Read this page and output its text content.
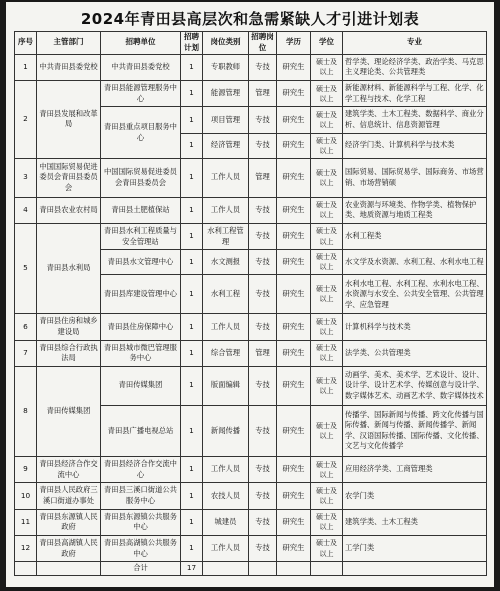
2024年青田县高层次和急需紧缺人才引进计划表
序号	主管部门	招聘单位	招聘计划	岗位类别	招聘岗位	学历	学位	专业
1	中共青田县委党校	中共青田县委党校	1	专职教师	专技	研究生	硕士及以上	哲学类、理论经济学类、政治学类、马克思主义理论类、公共管理类
2	青田县发展和改革局	青田县能源管理服务中心	1	能源管理	管理	研究生	硕士及以上	新能源材料、新能源科学与工程、化学、化学工程与技术、化学工程
		青田县重点项目服务中心	1	项目管理	专技	研究生	硕士及以上	建筑学类、土木工程类、数据科学、商业分析、信息统计、信息资源管理
			1	经济管理	专技	研究生	硕士及以上	经济学门类、计算机科学与技术类
3	中国国际贸易促进委员会青田县委员会	中国国际贸易促进委员会青田县委员会	1	工作人员	管理	研究生	硕士及以上	国际贸易、国际贸易学、国际商务、市场营销、市场营销硕
4	青田县农业农村局	青田县土肥植保站	1	工作人员	专技	研究生	硕士及以上	农业资源与环境类、作物学类、植物保护类、地质资源与地质工程类
5	青田县水利局	青田县水利工程质量与安全管理站	1	水利工程管理	专技	研究生	硕士及以上	水利工程类
		青田县水文管理中心	1	水文测报	专技	研究生	硕士及以上	水文学及水资源、水利工程、水利水电工程
		青田县库建设管理中心	1	水利工程	专技	研究生	硕士及以上	水利水电工程、水利工程、水利水电工程、水资源与水安全、公共安全管理、公共管理学、应急管理
6	青田县住房和城乡建设局	青田县住房保障中心	1	工作人员	专技	研究生	硕士及以上	计算机科学与技术类
7	青田县综合行政执法局	青田县城市微巴管理服务中心	1	综合管理	管理	研究生	硕士及以上	法学类、公共管理类
8	青田传媒集团	青田传媒集团	1	版面编辑	专技	研究生	硕士及以上	动画学、美术、美术学、艺术设计、设计、设计学、设计艺术学、传媒创意与设计学、数字媒体艺术、动画艺术学、数字媒体技术
		青田县广播电视总站	1	新闻传播	专技	研究生	硕士及以上	传播学、国际新闻与传播、跨文化传播与国际传播、新闻与传播、新闻传播学、新闻学、汉语国际传播、国际传播、文化传播、文艺与文化传播学
9	青田县经济合作交流中心	青田县经济合作交流中心	1	工作人员	专技	研究生	硕士及以上	应用经济学类、工商管理类
10	青田县人民政府三溪口街道办事处	青田县三溪口街道公共服务中心	1	农技人员	专技	研究生	硕士及以上	农学门类
11	青田县东源镇人民政府	青田县东源镇公共服务中心	1	城建员	专技	研究生	硕士及以上	建筑学类、土木工程类
12	青田县高湖镇人民政府	青田县高湖镇公共服务中心	1	工作人员	专技	研究生	硕士及以上	工学门类
		合计	17					
